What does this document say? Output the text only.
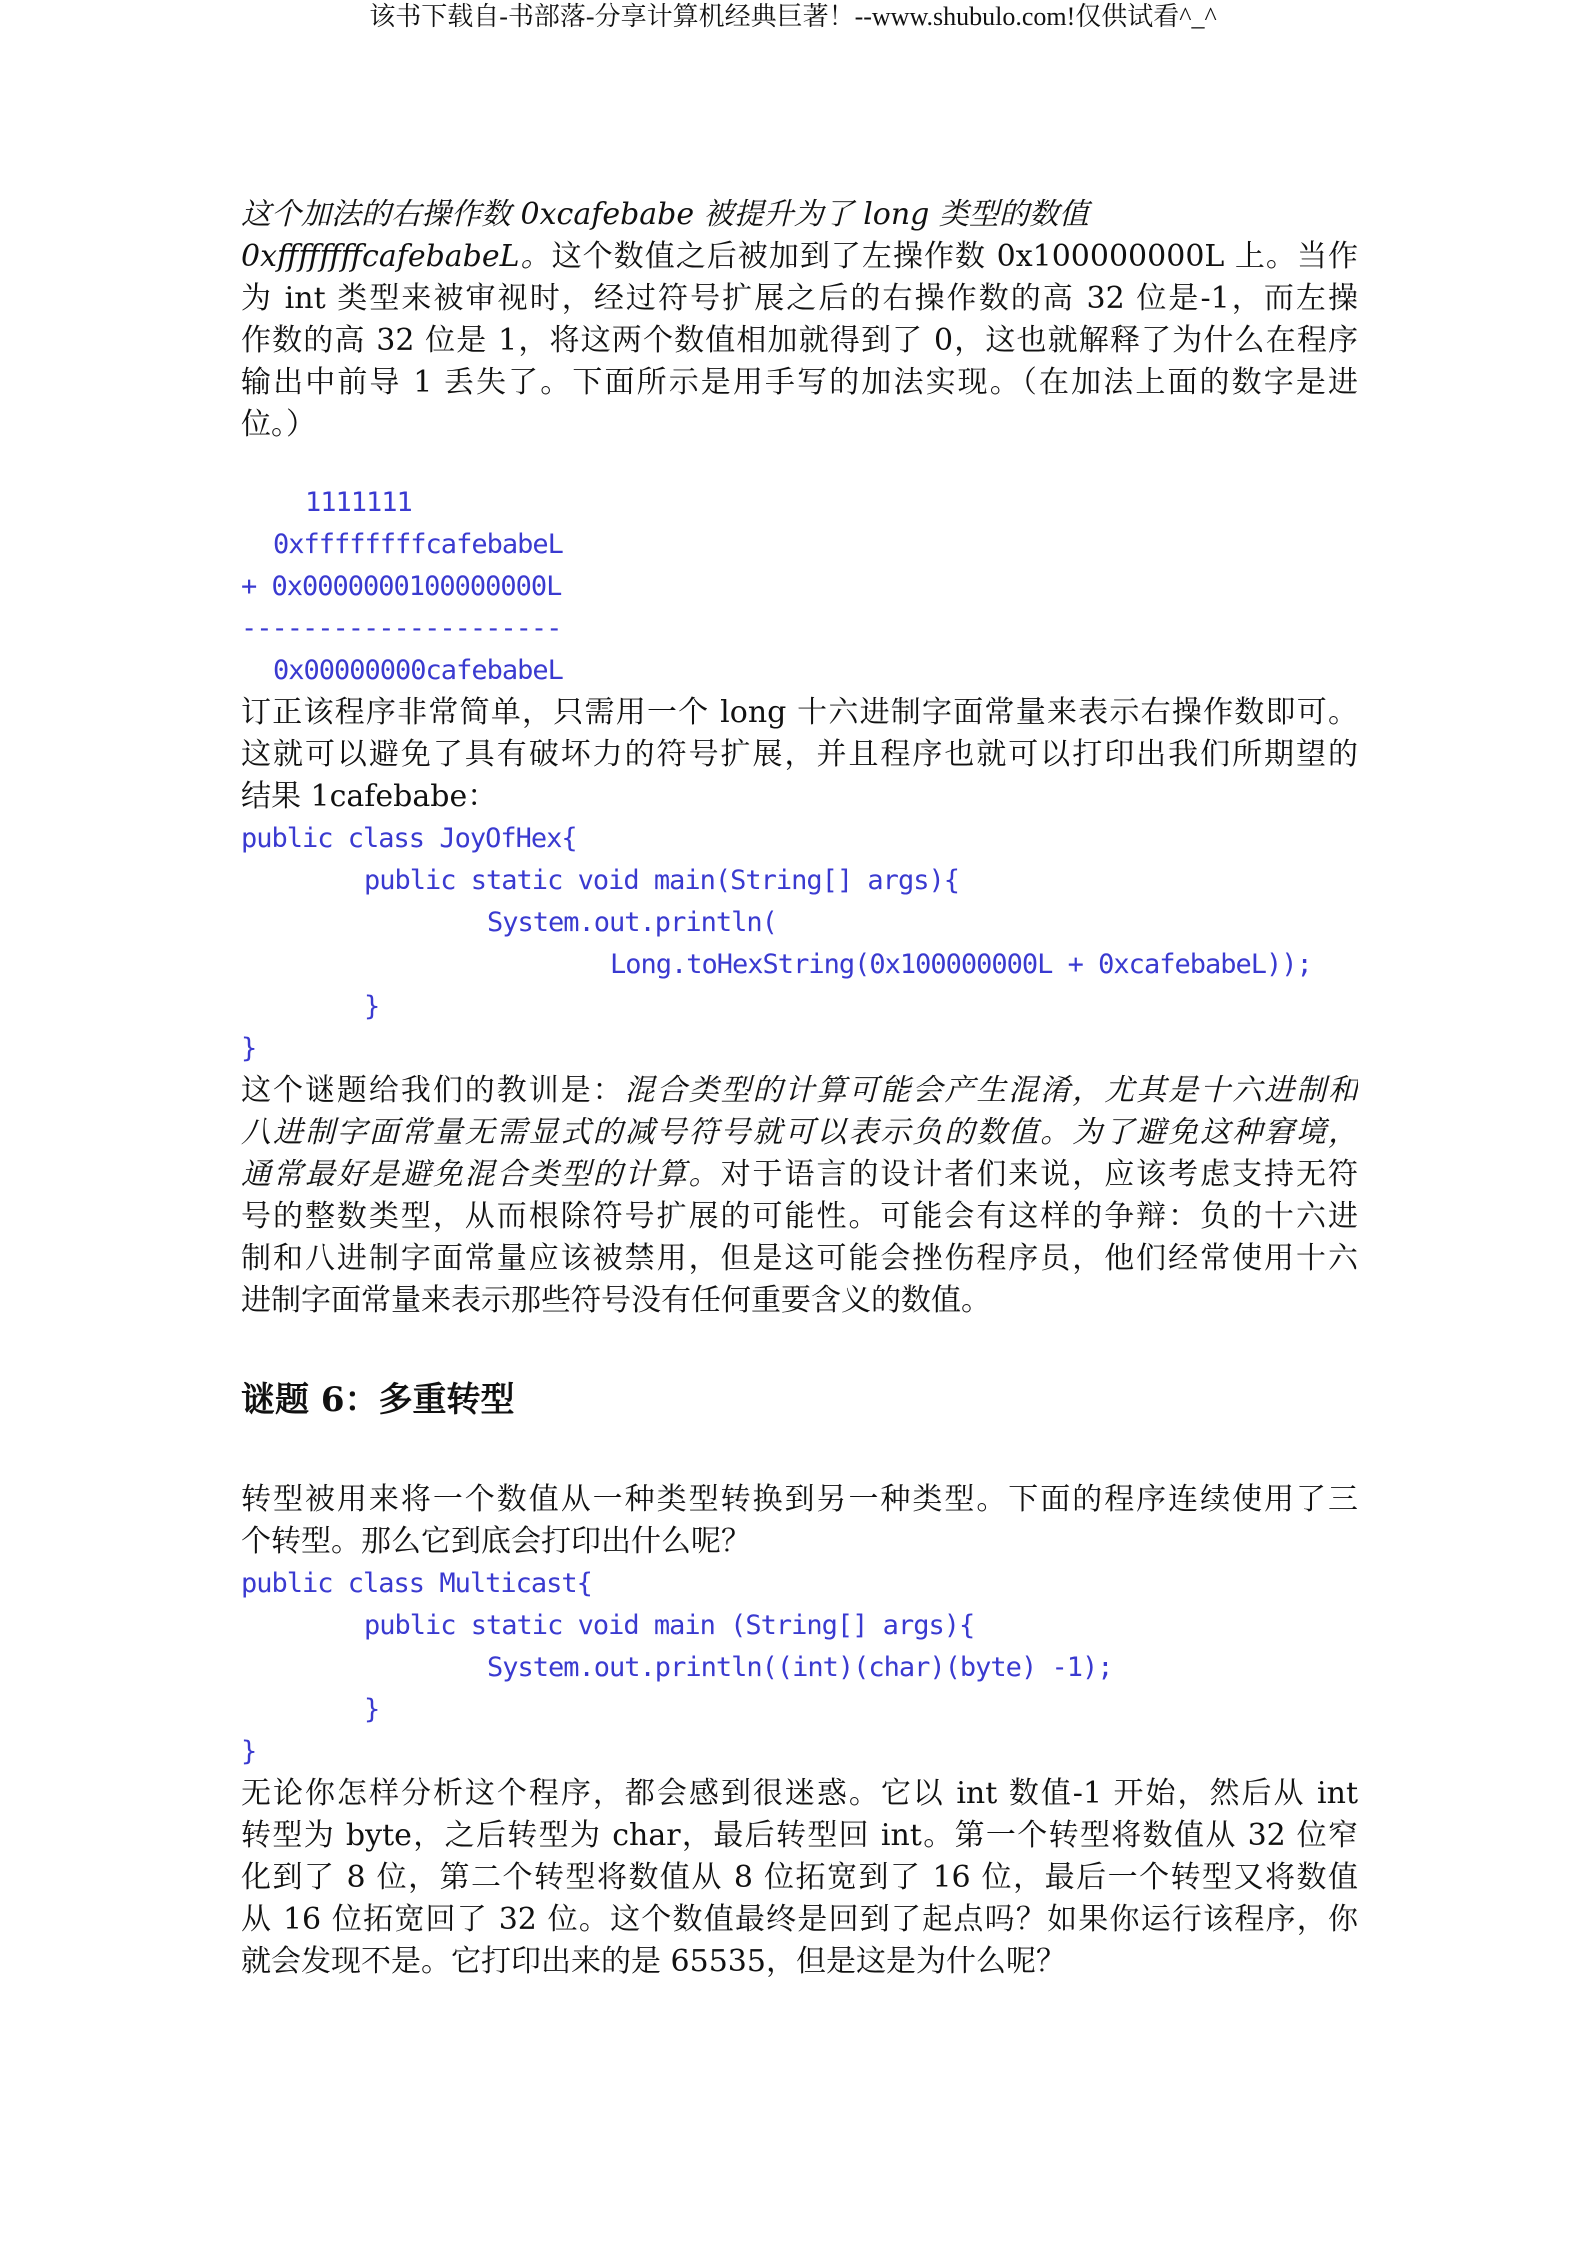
该书下载自-书部落-分享计算机经典巨著！--www.shubulo.com!仅供试看^_^
这个加法的右操作数 0xcafebabe 被提升为了 long 类型的数值
0xffffffffcafebabeL。这个数值之后被加到了左操作数 0x100000000L 上。当作
为 int 类型来被审视时，经过符号扩展之后的右操作数的高 32 位是-1，而左操
作数的高 32 位是 1，将这两个数值相加就得到了 0，这也就解释了为什么在程序
输出中前导 1 丢失了。下面所示是用手写的加法实现。（在加法上面的数字是进
位。）
1111111
0xffffffffcafebabeL
+ 0x0000000100000000L
---------------------
0x00000000cafebabeL
订正该程序非常简单，只需用一个 long 十六进制字面常量来表示右操作数即可。
这就可以避免了具有破坏力的符号扩展，并且程序也就可以打印出我们所期望的
结果 1cafebabe：
public class JoyOfHex{
public static void main(String[] args){
System.out.println(
Long.toHexString(0x100000000L + 0xcafebabeL));
}
}
这个谜题给我们的教训是：混合类型的计算可能会产生混淆，尤其是十六进制和
八进制字面常量无需显式的减号符号就可以表示负的数值。为了避免这种窘境，
通常最好是避免混合类型的计算。对于语言的设计者们来说，应该考虑支持无符
号的整数类型，从而根除符号扩展的可能性。可能会有这样的争辩：负的十六进
制和八进制字面常量应该被禁用，但是这可能会挫伤程序员，他们经常使用十六
进制字面常量来表示那些符号没有任何重要含义的数值。
谜题 6：多重转型
转型被用来将一个数值从一种类型转换到另一种类型。下面的程序连续使用了三
个转型。那么它到底会打印出什么呢？
public class Multicast{
public static void main (String[] args){
System.out.println((int)(char)(byte) -1);
}
}
无论你怎样分析这个程序，都会感到很迷惑。它以 int 数值-1 开始，然后从 int
转型为 byte，之后转型为 char，最后转型回 int。第一个转型将数值从 32 位窄
化到了 8 位，第二个转型将数值从 8 位拓宽到了 16 位，最后一个转型又将数值
从 16 位拓宽回了 32 位。这个数值最终是回到了起点吗？如果你运行该程序，你
就会发现不是。它打印出来的是 65535，但是这是为什么呢？
